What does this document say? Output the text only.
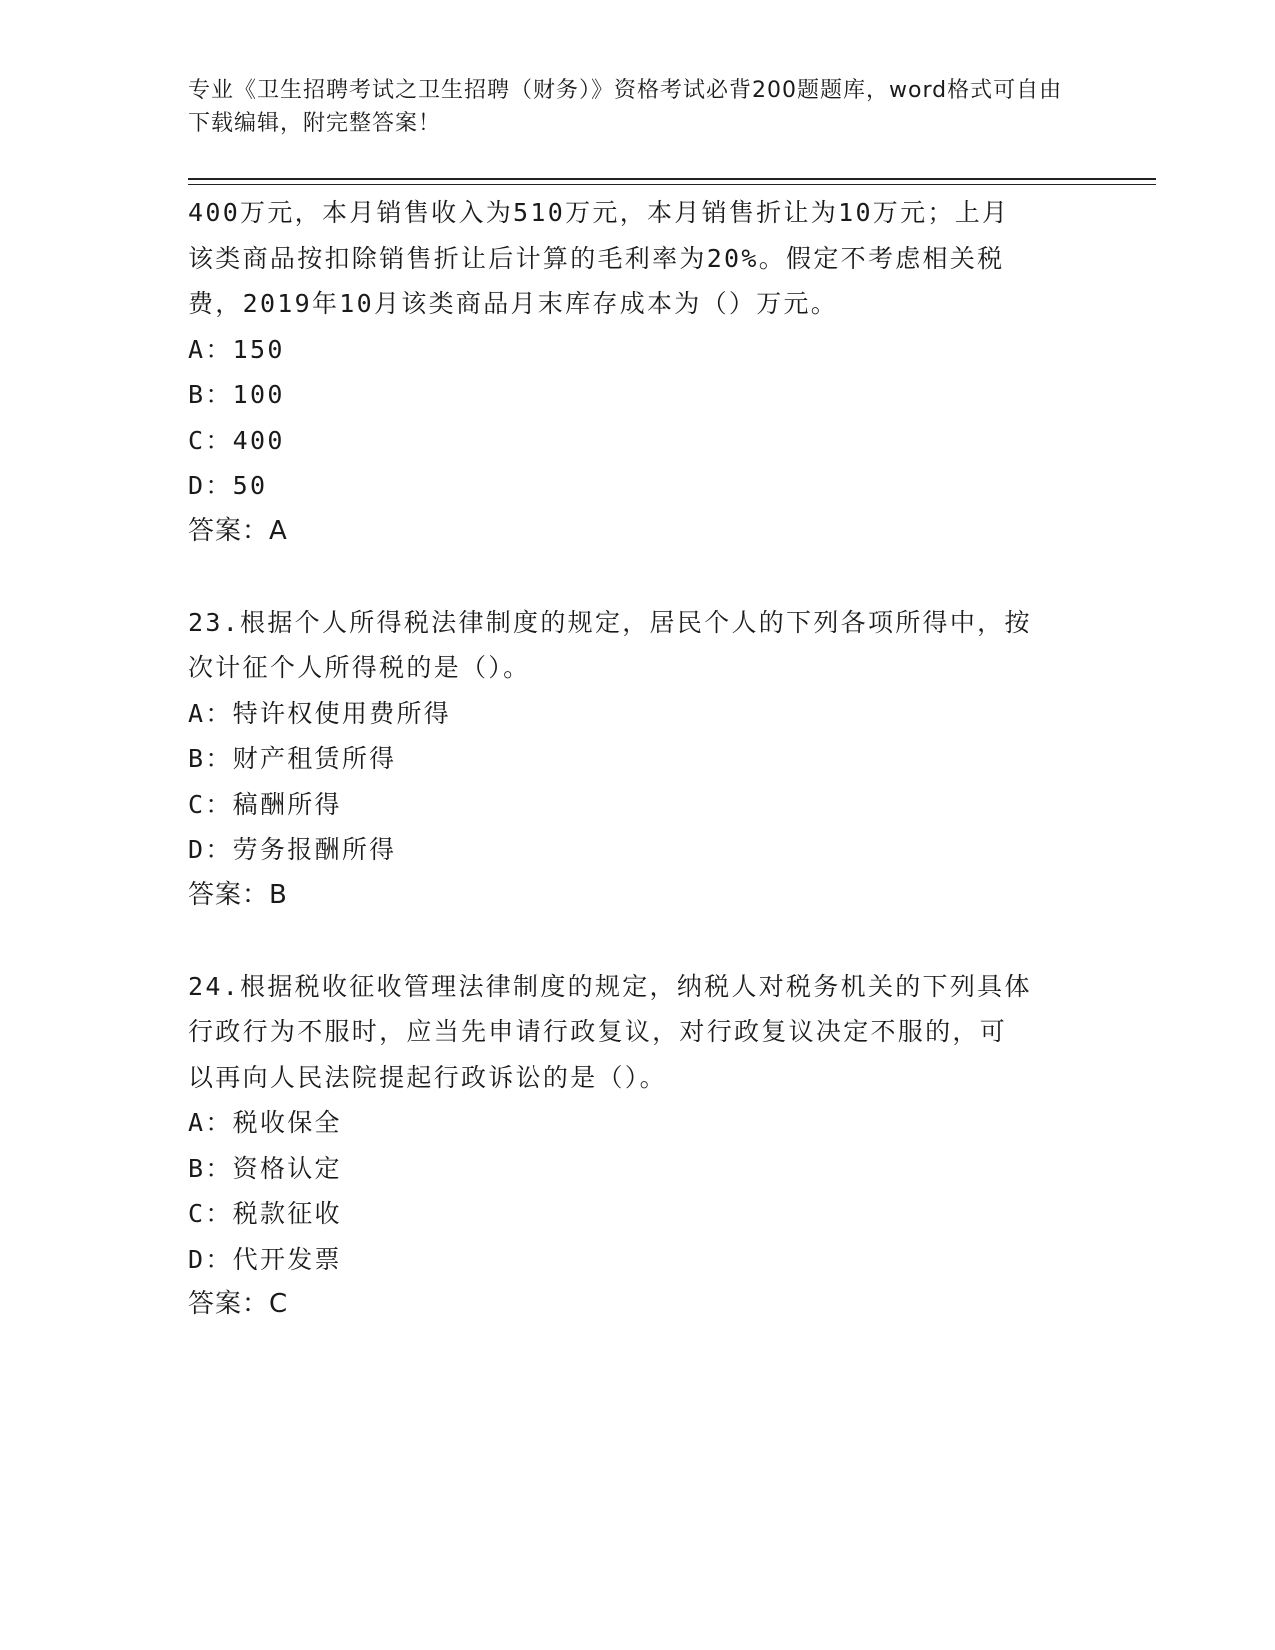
专业《卫生招聘考试之卫生招聘（财务）》资格考试必背200题题库，word格式可自由下载编辑，附完整答案！
400万元，本月销售收入为510万元，本月销售折让为10万元；上月
该类商品按扣除销售折让后计算的毛利率为20%。假定不考虑相关税
费，2019年10月该类商品月末库存成本为（）万元。
A：150
B：100
C：400
D：50
答案：A
23.根据个人所得税法律制度的规定，居民个人的下列各项所得中，按
次计征个人所得税的是（）。
A：特许权使用费所得
B：财产租赁所得
C：稿酬所得
D：劳务报酬所得
答案：B
24.根据税收征收管理法律制度的规定，纳税人对税务机关的下列具体
行政行为不服时，应当先申请行政复议，对行政复议决定不服的，可
以再向人民法院提起行政诉讼的是（）。
A：税收保全
B：资格认定
C：税款征收
D：代开发票
答案：C
